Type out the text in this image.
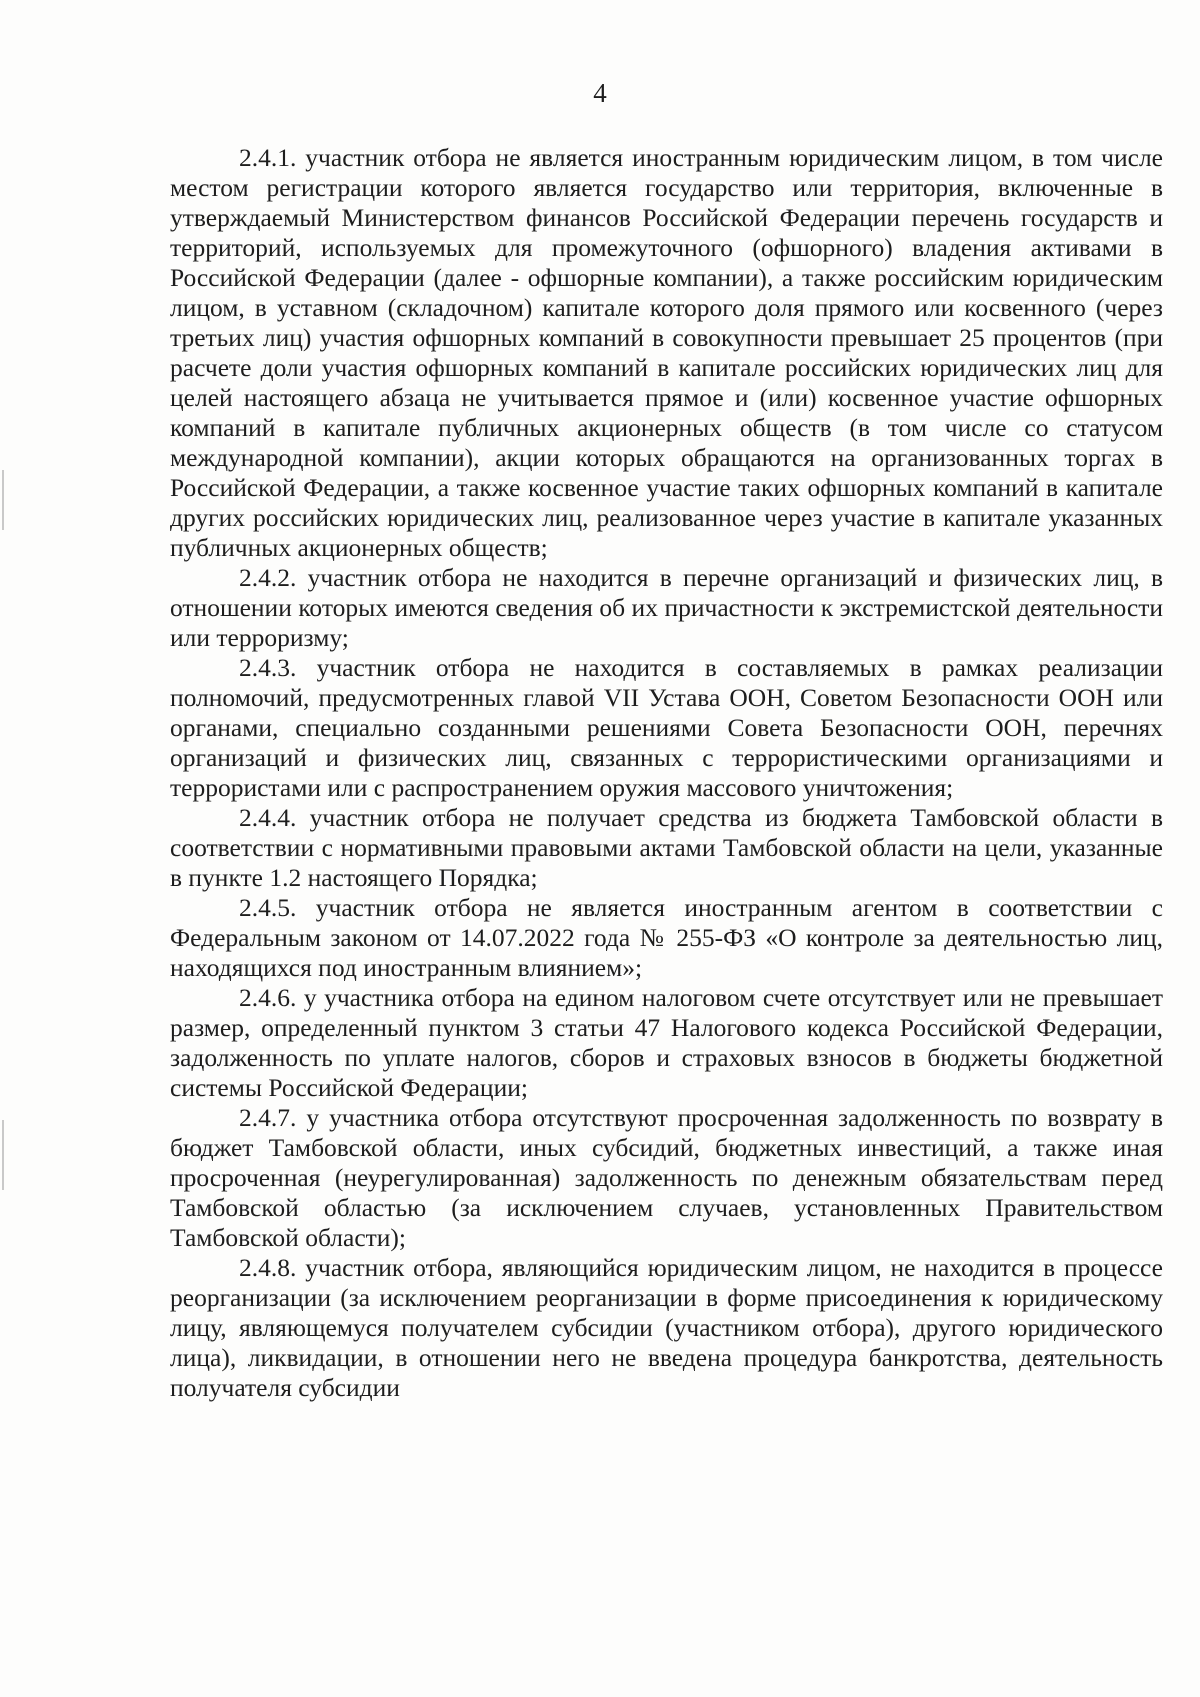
4

2.4.1. участник отбора не является иностранным юридическим лицом, в том числе местом регистрации которого является государство или территория, включенные в утверждаемый Министерством финансов Российской Федерации перечень государств и территорий, используемых для промежуточного (офшорного) владения активами в Российской Федерации (далее - офшорные компании), а также российским юридическим лицом, в уставном (складочном) капитале которого доля прямого или косвенного (через третьих лиц) участия офшорных компаний в совокупности превышает 25 процентов (при расчете доли участия офшорных компаний в капитале российских юридических лиц для целей настоящего абзаца не учитывается прямое и (или) косвенное участие офшорных компаний в капитале публичных акционерных обществ (в том числе со статусом международной компании), акции которых обращаются на организованных торгах в Российской Федерации, а также косвенное участие таких офшорных компаний в капитале других российских юридических лиц, реализованное через участие в капитале указанных публичных акционерных обществ;

2.4.2. участник отбора не находится в перечне организаций и физических лиц, в отношении которых имеются сведения об их причастности к экстремистской деятельности или терроризму;

2.4.3. участник отбора не находится в составляемых в рамках реализации полномочий, предусмотренных главой VII Устава ООН, Советом Безопасности ООН или органами, специально созданными решениями Совета Безопасности ООН, перечнях организаций и физических лиц, связанных с террористическими организациями и террористами или с распространением оружия массового уничтожения;

2.4.4. участник отбора не получает средства из бюджета Тамбовской области в соответствии с нормативными правовыми актами Тамбовской области на цели, указанные в пункте 1.2 настоящего Порядка;

2.4.5. участник отбора не является иностранным агентом в соответствии с Федеральным законом от 14.07.2022 года № 255-ФЗ «О контроле за деятельностью лиц, находящихся под иностранным влиянием»;

2.4.6. у участника отбора на едином налоговом счете отсутствует или не превышает размер, определенный пунктом 3 статьи 47 Налогового кодекса Российской Федерации, задолженность по уплате налогов, сборов и страховых взносов в бюджеты бюджетной системы Российской Федерации;

2.4.7. у участника отбора отсутствуют просроченная задолженность по возврату в бюджет Тамбовской области, иных субсидий, бюджетных инвестиций, а также иная просроченная (неурегулированная) задолженность по денежным обязательствам перед Тамбовской областью (за исключением случаев, установленных Правительством Тамбовской области);

2.4.8. участник отбора, являющийся юридическим лицом, не находится в процессе реорганизации (за исключением реорганизации в форме присоединения к юридическому лицу, являющемуся получателем субсидии (участником отбора), другого юридического лица), ликвидации, в отношении него не введена процедура банкротства, деятельность получателя субсидии
